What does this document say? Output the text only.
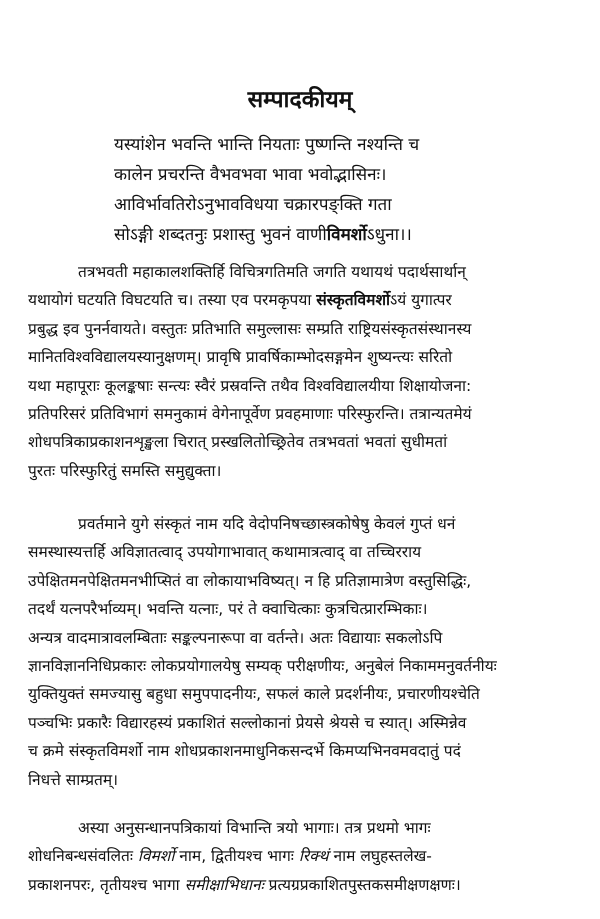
सम्पादकीयम्
यस्यांशेन भवन्ति भान्ति नियताः पुष्णन्ति नश्यन्ति च
कालेन प्रचरन्ति वैभवभवा भावा भवोद्भासिनः।
आविर्भावतिरोऽनुभावविधया चक्रारपङ्क्ति गता
सोऽङ्गी शब्दतनुः प्रशास्तु भुवनं वाणीविमर्शोऽधुना।।
तत्रभवती महाकालशक्तिर्हि विचित्रगतिमति जगति यथायथं पदार्थसार्थान्
यथायोगं घटयति विघटयति च। तस्या एव परमकृपया संस्कृतविमर्शोऽयं युगात्पर
प्रबुद्ध इव पुनर्नवायते। वस्तुतः प्रतिभाति समुल्लासः सम्प्रति राष्ट्रियसंस्कृतसंस्थानस्य
मानितविश्वविद्यालयस्यानुक्षणम्। प्रावृषि प्रावर्षिकाम्भोदसङ्गमेन शुष्यन्त्यः सरितो
यथा महापूराः कूलङ्कषाः सन्त्यः स्वैरं प्रस्रवन्ति तथैव विश्वविद्यालयीया शिक्षायोजना:
प्रतिपरिसरं प्रतिविभागं समनुकामं वेगेनापूर्वेण प्रवहमाणाः परिस्फुरन्ति। तत्रान्यतमेयं
शोधपत्रिकाप्रकाशनशृङ्खला चिरात् प्रस्खलितोच्छ्रितेव तत्रभवतां भवतां सुधीमतां
पुरतः परिस्फुरितुं समस्ति समुद्युक्ता।
प्रवर्तमाने युगे संस्कृतं नाम यदि वेदोपनिषच्छास्त्रकोषेषु केवलं गुप्तं धनं
समस्थास्यत्तर्हि अविज्ञातत्वाद् उपयोगाभावात् कथामात्रत्वाद् वा तच्चिरराय
उपेक्षितमनपेक्षितमनभीप्सितं वा लोकायाभविष्यत्। न हि प्रतिज्ञामात्रेण वस्तुसिद्धिः,
तदर्थं यत्नपरैर्भाव्यम्। भवन्ति यत्नाः, परं ते क्वाचित्काः कुत्रचित्प्रारम्भिकाः।
अन्यत्र वादमात्रावलम्बिताः सङ्कल्पनारूपा वा वर्तन्ते। अतः विद्यायाः सकलोऽपि
ज्ञानविज्ञाननिधिप्रकारः लोकप्रयोगालयेषु सम्यक् परीक्षणीयः, अनुबेलं निकाममनुवर्तनीयः
युक्तियुक्तं समज्यासु बहुधा समुपपादनीयः, सफलं काले प्रदर्शनीयः, प्रचारणीयश्चेति
पञ्चभिः प्रकारैः विद्यारहस्यं प्रकाशितं सल्लोकानां प्रेयसे श्रेयसे च स्यात्। अस्मिन्नेव
च क्रमे संस्कृतविमर्शो नाम शोधप्रकाशनमाधुनिकसन्दर्भे किमप्यभिनवमवदातुं पदं
निधत्ते साम्प्रतम्।
अस्या अनुसन्धानपत्रिकायां विभान्ति त्रयो भागाः। तत्र प्रथमो भागः
शोधनिबन्धसंवलितः विमर्शो नाम, द्वितीयश्च भागः रिक्थं नाम लघुहस्तलेख-
प्रकाशनपरः, तृतीयश्च भागा समीक्षाभिधानः प्रत्यग्रप्रकाशितपुस्तकसमीक्षणक्षणः।
